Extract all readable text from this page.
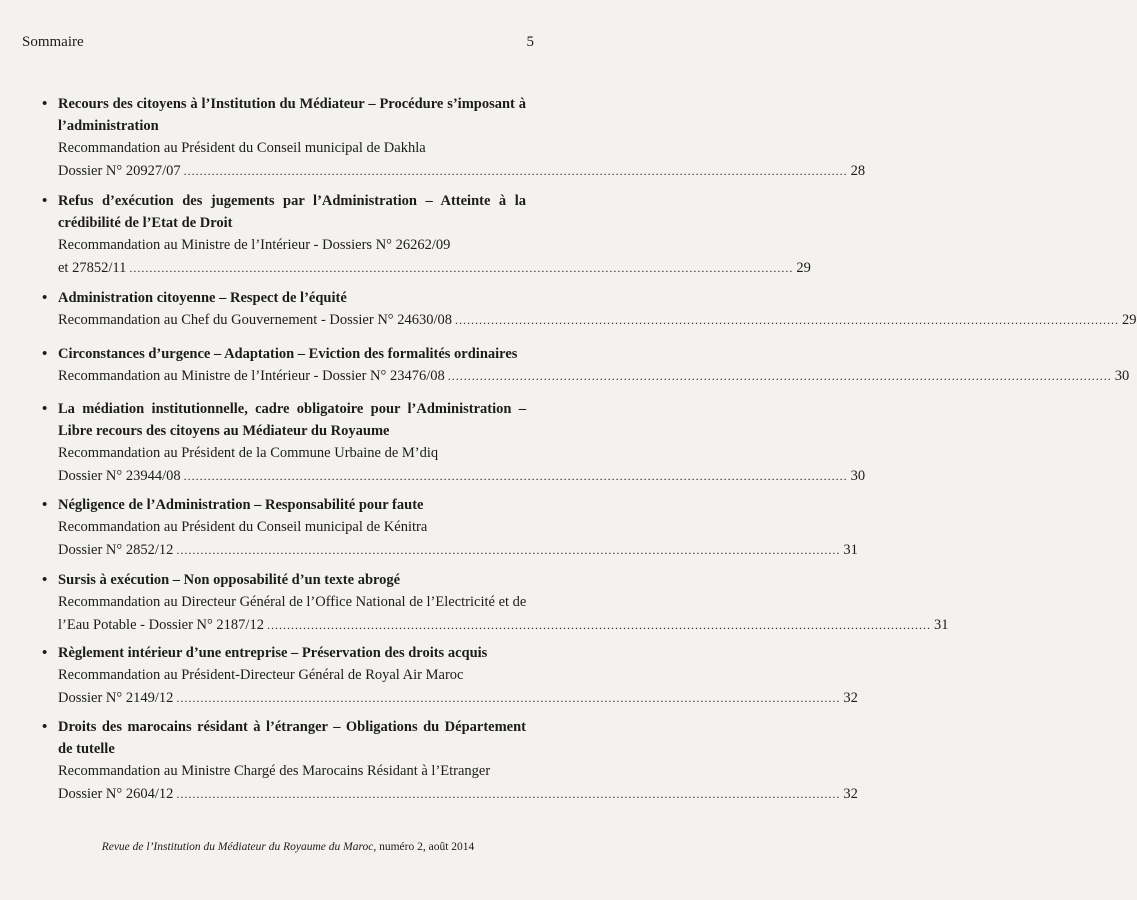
Sommaire	5
• Recours des citoyens à l’Institution du Médiateur – Procédure s’imposant à l’administration
Recommandation au Président du Conseil municipal de Dakhla
Dossier N° 20927/07 ...................................................................................................................................................................... 28
• Refus d’exécution des jugements par l’Administration – Atteinte à la crédibilité de l’Etat de Droit
Recommandation au Ministre de l’Intérieur - Dossiers N° 26262/09
et 27852/11 ...................................................................................................................................................................... 29
• Administration citoyenne – Respect de l’équité
Recommandation au Chef du Gouvernement - Dossier N° 24630/08 ...................................................................................................................................................................... 29
• Circonstances d’urgence – Adaptation – Eviction des formalités ordinaires
Recommandation au Ministre de l’Intérieur - Dossier N° 23476/08 ...................................................................................................................................................................... 30
• La médiation institutionnelle, cadre obligatoire pour l’Administration – Libre recours des citoyens au Médiateur du Royaume
Recommandation au Président de la Commune Urbaine de M’diq
Dossier N° 23944/08 ...................................................................................................................................................................... 30
• Négligence de l’Administration – Responsabilité pour faute
Recommandation au Président du Conseil municipal de Kénitra
Dossier N° 2852/12 ...................................................................................................................................................................... 31
• Sursis à exécution – Non opposabilité d’un texte abrogé
Recommandation au Directeur Général de l’Office National de l’Electricité et de
l’Eau Potable - Dossier N° 2187/12 ...................................................................................................................................................................... 31
• Règlement intérieur d’une entreprise – Préservation des droits acquis
Recommandation au Président-Directeur Général de Royal Air Maroc
Dossier N° 2149/12 ...................................................................................................................................................................... 32
• Droits des marocains résidant à l’étranger – Obligations du Département de tutelle
Recommandation au Ministre Chargé des Marocains Résidant à l’Etranger
Dossier N° 2604/12 ...................................................................................................................................................................... 32
Revue de l’Institution du Médiateur du Royaume du Maroc, numéro 2, août 2014
